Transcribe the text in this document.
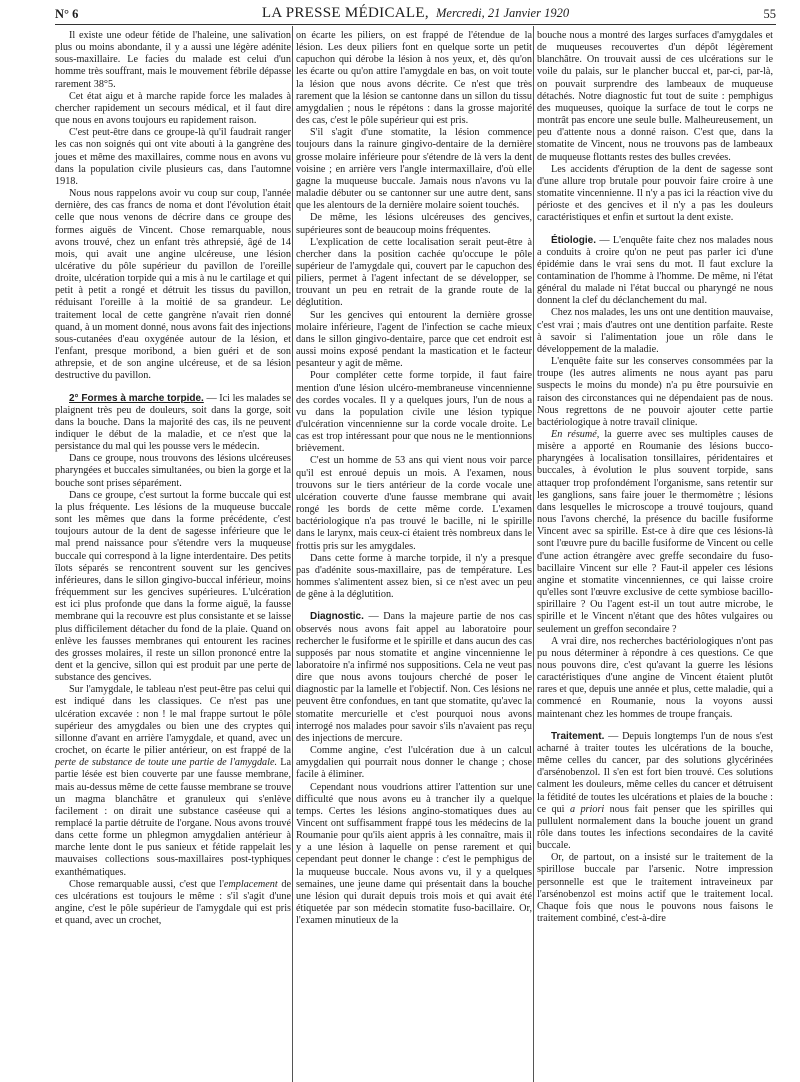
N° 6	LA PRESSE MÉDICALE, Mercredi, 21 Janvier 1920	55

Il existe une odeur fétide de l'haleine, une salivation plus ou moins abondante, il y a aussi une légère adénite sous-maxillaire. Le facies du malade est celui d'un homme très souffrant, mais le mouvement fébrile dépasse rarement 38°5.

Cet état aigu et à marche rapide force les malades à chercher rapidement un secours médical, et il faut dire que nous en avons toujours eu rapidement raison.

C'est peut-être dans ce groupe-là qu'il faudrait ranger les cas non soignés qui ont vite abouti à la gangrène des joues et même des maxillaires, comme nous en avons vu dans la population civile plusieurs cas, dans l'automne 1918.

Nous nous rappelons avoir vu coup sur coup, l'année dernière, des cas francs de noma et dont l'évolution était celle que nous venons de décrire dans ce groupe des formes aiguës de Vincent. Chose remarquable, nous avons trouvé, chez un enfant très athrepsié, âgé de 14 mois, qui avait une angine ulcéreuse, une lésion ulcérative du pôle supérieur du pavillon de l'oreille droite, ulcération torpide qui a mis à nu le cartilage et qui petit à petit a rongé et détruit les tissus du pavillon, réduisant l'oreille à la moitié de sa grandeur. Le traitement local de cette gangrène n'avait rien donné quand, à un moment donné, nous avons fait des injections sous-cutanées d'eau oxygénée autour de la lésion, et l'enfant, presque moribond, a bien guéri et de son athrepsie, et de son angine ulcéreuse, et de sa lésion destructive du pavillon.

2° Formes à marche torpide. — Ici les malades se plaignent très peu de douleurs, soit dans la gorge, soit dans la bouche. Dans la majorité des cas, ils ne peuvent indiquer le début de la maladie, et ce n'est que la persistance du mal qui les pousse vers le médecin.

Dans ce groupe, nous trouvons des lésions ulcéreuses pharyngées et buccales simultanées, ou bien la gorge et la bouche sont prises séparément.

Dans ce groupe, c'est surtout la forme buccale qui est la plus fréquente. Les lésions de la muqueuse buccale sont les mêmes que dans la forme précédente, c'est toujours autour de la dent de sagesse inférieure que le mal prend naissance pour s'étendre vers la muqueuse buccale qui correspond à la ligne interdentaire. Des petits îlots séparés se rencontrent souvent sur les gencives inférieures, dans le sillon gingivo-buccal inférieur, moins fréquemment sur les gencives supérieures. L'ulcération est ici plus profonde que dans la forme aiguë, la fausse membrane qui la recouvre est plus consistante et se laisse plus difficilement détacher du fond de la plaie. Quand on enlève les fausses membranes qui entourent les racines des grosses molaires, il reste un sillon prononcé entre la dent et la gencive, sillon qui est produit par une perte de substance des gencives.

Sur l'amygdale, le tableau n'est peut-être pas celui qui est indiqué dans les classiques. Ce n'est pas une ulcération excavée : non ! le mal frappe surtout le pôle supérieur des amygdales ou bien une des cryptes qui sillonne d'avant en arrière l'amygdale, et quand, avec un crochet, on écarte le pilier antérieur, on est frappé de la perte de substance de toute une partie de l'amygdale. La partie lésée est bien couverte par une fausse membrane, mais au-dessus même de cette fausse membrane se trouve un magma blanchâtre et granuleux qui s'enlève facilement : on dirait une substance caséeuse qui a remplacé la partie détruite de l'organe. Nous avons trouvé dans cette forme un phlegmon amygdalien antérieur à marche lente dont le pus sanieux et fétide rappelait les mauvaises collections sous-maxillaires post-typhiques exanthématiques.

Chose remarquable aussi, c'est que l'emplacement de ces ulcérations est toujours le même : s'il s'agit d'une angine, c'est le pôle supérieur de l'amygdale qui est pris et quand, avec un crochet,

on écarte les piliers, on est frappé de l'étendue de la lésion. Les deux piliers font en quelque sorte un petit capuchon qui dérobe la lésion à nos yeux, et, dès qu'on les écarte ou qu'on attire l'amygdale en bas, on voit toute la lésion que nous avons décrite. Ce n'est que très rarement que la lésion se cantonne dans un sillon du tissu amygdalien ; nous le répétons : dans la grosse majorité des cas, c'est le pôle supérieur qui est pris.

S'il s'agit d'une stomatite, la lésion commence toujours dans la rainure gingivo-dentaire de la dernière grosse molaire inférieure pour s'étendre de là vers la dent voisine ; en arrière vers l'angle intermaxillaire, d'où elle gagne la muqueuse buccale. Jamais nous n'avons vu la maladie débuter ou se cantonner sur une autre dent, sans que les alentours de la dernière molaire soient touchés.

De même, les lésions ulcéreuses des gencives, supérieures sont de beaucoup moins fréquentes.

L'explication de cette localisation serait peut-être à chercher dans la position cachée qu'occupe le pôle supérieur de l'amygdale qui, couvert par le capuchon des piliers, permet à l'agent infectant de se développer, se trouvant un peu en retrait de la grande route de la déglutition.

Sur les gencives qui entourent la dernière grosse molaire inférieure, l'agent de l'infection se cache mieux dans le sillon gingivo-dentaire, parce que cet endroit est aussi moins exposé pendant la mastication et le facteur pesanteur y agit de même.

Pour compléter cette forme torpide, il faut faire mention d'une lésion ulcéro-membraneuse vincennienne des cordes vocales. Il y a quelques jours, l'un de nous a vu dans la population civile une lésion typique d'ulcération vincennienne sur la corde vocale droite. Le cas est trop intéressant pour que nous ne le mentionnions brièvement.

C'est un homme de 53 ans qui vient nous voir parce qu'il est enroué depuis un mois. A l'examen, nous trouvons sur le tiers antérieur de la corde vocale une ulcération couverte d'une fausse membrane qui avait rongé les bords de cette même corde. L'examen bactériologique n'a pas trouvé le bacille, ni le spirille dans le larynx, mais ceux-ci étaient très nombreux dans le frottis pris sur les amygdales.

Dans cette forme à marche torpide, il n'y a presque pas d'adénite sous-maxillaire, pas de température. Les hommes s'alimentent assez bien, si ce n'est avec un peu de gêne à la déglutition.

Diagnostic. — Dans la majeure partie de nos cas observés nous avons fait appel au laboratoire pour rechercher le fusiforme et le spirille et dans aucun des cas supposés par nous stomatite et angine vincennienne le laboratoire n'a infirmé nos suppositions. Cela ne veut pas dire que nous avons toujours cherché de poser le diagnostic par la lamelle et l'objectif. Non. Ces lésions ne peuvent être confondues, en tant que stomatite, qu'avec la stomatite mercurielle et c'est pourquoi nous avons interrogé nos malades pour savoir s'ils n'avaient pas reçu des injections de mercure.

Comme angine, c'est l'ulcération due à un calcul amygdalien qui pourrait nous donner le change ; chose facile à éliminer.

Cependant nous voudrions attirer l'attention sur une difficulté que nous avons eu à trancher ily a quelque temps. Certes les lésions angino-stomatiques dues au Vincent ont suffisamment frappé tous les médecins de la Roumanie pour qu'ils aient appris à les connaître, mais il y a une lésion à laquelle on pense rarement et qui cependant peut donner le change : c'est le pemphigus de la muqueuse buccale. Nous avons vu, il y a quelques semaines, une jeune dame qui présentait dans la bouche une lésion qui durait depuis trois mois et qui avait été étiquetée par son médecin stomatite fuso-bacillaire. Or, l'examen minutieux de la

bouche nous a montré des larges surfaces d'amygdales et de muqueuses recouvertes d'un dépôt légèrement blanchâtre. On trouvait aussi de ces ulcérations sur le voile du palais, sur le plancher buccal et, par-ci, par-là, on pouvait surprendre des lambeaux de muqueuse détachés. Notre diagnostic fut tout de suite : pemphigus des muqueuses, quoique la surface de tout le corps ne montrât pas encore une seule bulle. Malheureusement, un peu d'attente nous a donné raison. C'est que, dans la stomatite de Vincent, nous ne trouvons pas de lambeaux de muqueuse flottants restes des bulles crevées.

Les accidents d'éruption de la dent de sagesse sont d'une allure trop brutale pour pouvoir faire croire à une stomatite vincennienne. Il n'y a pas ici la réaction vive du périoste et des gencives et il n'y a pas les douleurs caractéristiques et enfin et surtout la dent existe.

Étiologie. — L'enquête faite chez nos malades nous a conduits à croire qu'on ne peut pas parler ici d'une épidémie dans le vrai sens du mot. Il faut exclure la contamination de l'homme à l'homme. De même, ni l'état général du malade ni l'état buccal ou pharyngé ne nous donnent la clef du déclanchement du mal.

Chez nos malades, les uns ont une dentition mauvaise, c'est vrai ; mais d'autres ont une dentition parfaite. Reste à savoir si l'alimentation joue un rôle dans le développement de la maladie.

L'enquête faite sur les conserves consommées par la troupe (les autres aliments ne nous ayant pas paru suspects le moins du monde) n'a pu être poursuivie en raison des circonstances qui ne dépendaient pas de nous. Nous regrettons de ne pouvoir ajouter cette partie bactériologique à notre travail clinique.

En résumé, la guerre avec ses multiples causes de misère a apporté en Roumanie des lésions bucco-pharyngées à localisation tonsillaires, péridentaires et buccales, à évolution le plus souvent torpide, sans attaquer trop profondément l'organisme, sans retentir sur les ganglions, sans faire jouer le thermomètre ; lésions dans lesquelles le microscope a trouvé toujours, quand nous l'avons cherché, la présence du bacille fusiforme Vincent avec sa spirille. Est-ce à dire que ces lésions-là sont l'œuvre pure du bacille fusiforme de Vincent ou celle d'une action étrangère avec greffe secondaire du fuso-bacillaire Vincent sur elle ? Faut-il appeler ces lésions angine et stomatite vincenniennes, ce qui laisse croire qu'elles sont l'œuvre exclusive de cette symbiose bacillo-spirillaire ? Ou l'agent est-il un tout autre microbe, le spirille et le Vincent n'étant que des hôtes vulgaires ou seulement un greffon secondaire ?

A vrai dire, nos recherches bactériologiques n'ont pas pu nous déterminer à répondre à ces questions. Ce que nous pouvons dire, c'est qu'avant la guerre les lésions caractéristiques d'une angine de Vincent étaient plutôt rares et que, depuis une année et plus, cette maladie, qui a commencé en Roumanie, nous la voyons aussi maintenant chez les hommes de troupe français.

Traitement. — Depuis longtemps l'un de nous s'est acharné à traiter toutes les ulcérations de la bouche, même celles du cancer, par des solutions glycérinées d'arsénobenzol. Il s'en est fort bien trouvé. Ces solutions calment les douleurs, même celles du cancer et détruisent la fétidité de toutes les ulcérations et plaies de la bouche : ce qui a priori nous fait penser que les spirilles qui pullulent normalement dans la bouche jouent un grand rôle dans toutes les infections secondaires de la cavité buccale.

Or, de partout, on a insisté sur le traitement de la spirillose buccale par l'arsenic. Notre impression personnelle est que le traitement intraveineux par l'arsénobenzol est moins actif que le traitement local. Chaque fois que nous le pouvons nous faisons le traitement combiné, c'est-à-dire
